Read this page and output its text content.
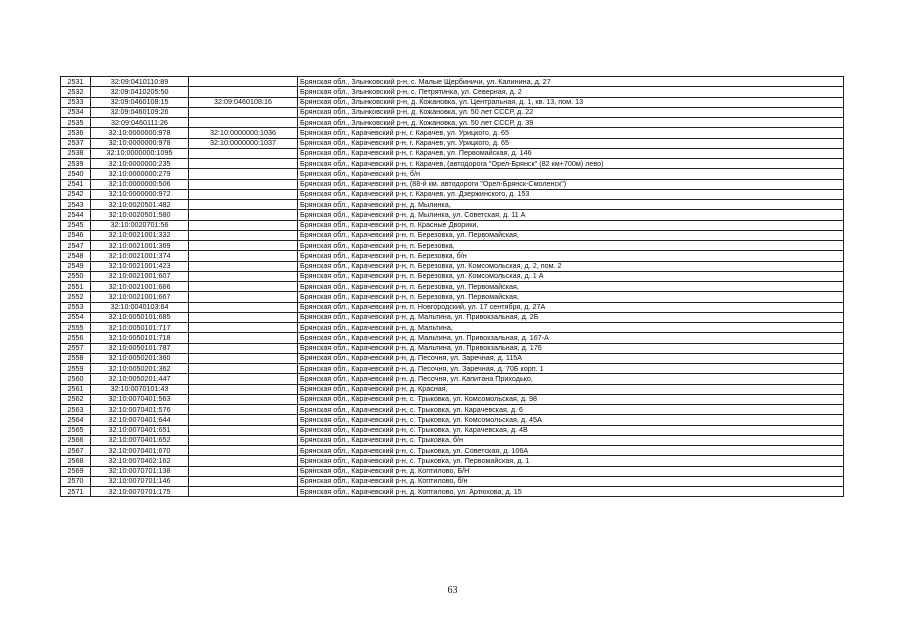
2531	32:09:0410110:89		Брянская обл., Злынковский р-н, с. Малые Щербиничи, ул. Калинина, д. 27
2532	32:09:0410205:50		Брянская обл., Злынковский р-н, с. Петрятинка, ул. Северная, д. 2
2533	32:09:0460108:15	32:09:0460108:16	Брянская обл., Злынковский р-н, д. Кожановка, ул. Центральная, д. 1, кв. 13, пом. 13
2534	32:09:0460109:26		Брянская обл., Злынковский р-н, д. Кожановка, ул. 50 лет СССР, д. 22
2535	32:09:0460111:26		Брянская обл., Злынковский р-н, д. Кожановка, ул. 50 лет СССР, д. 39
2536	32:10:0000000:978	32:10:0000000:1036	Брянская обл., Карачевский р-н, г. Карачев, ул. Урицкого, д. 65
2537	32:10:0000000:978	32:10:0000000:1037	Брянская обл., Карачевский р-н, г. Карачев, ул. Урицкого, д. 65
2538	32:10:0000000:1095		Брянская обл., Карачевский р-н, г. Карачев, ул. Первомайская, д. 146
2539	32:10:0000000:235		Брянская обл., Карачевский р-н, г. Карачев, (автодорога "Орел-Брянск" (82 км+700м) лево)
2540	32:10:0000000:279		Брянская обл., Карачевский р-н, б/н
2541	32:10:0000000:506		Брянская обл., Карачевский р-н, (88-й км. автодороги "Орел-Брянск-Смоленск")
2542	32:10:0000000:972		Брянская обл., Карачевский р-н, г. Карачев, ул. Дзержинского, д. 153
2543	32:10:0020501:482		Брянская обл., Карачевский р-н, д. Мылинка,
2544	32:10:0020501:580		Брянская обл., Карачевский р-н, д. Мылинка, ул. Советская, д. 11 А
2545	32:10:0020701:56		Брянская обл., Карачевский р-н, п. Красные Дворики,
2546	32:10:0021001:332		Брянская обл., Карачевский р-н, п. Березовка, ул. Первомайская,
2547	32:10:0021001:369		Брянская обл., Карачевский р-н, п. Березовка,
2548	32:10:0021001:374		Брянская обл., Карачевский р-н, п. Березовка, б/н
2549	32:10:0021001:423		Брянская обл., Карачевский р-н, п. Березовка, ул. Комсомольская, д. 2, пом. 2
2550	32:10:0021001:607		Брянская обл., Карачевский р-н, п. Березовка, ул. Комсомольская, д. 1 А
2551	32:10:0021001:666		Брянская обл., Карачевский р-н, п. Березовка, ул. Первомайская,
2552	32:10:0021001:667		Брянская обл., Карачевский р-н, п. Березовка, ул. Первомайская,
2553	32:10:0040103:64		Брянская обл., Карачевский р-н, п. Новгородский, ул. 17 сентября, д. 27А
2554	32:10:0050101:685		Брянская обл., Карачевский р-н, д. Мальтина, ул. Привокзальная, д. 2Б
2555	32:10:0050101:717		Брянская обл., Карачевский р-н, д. Мальтина,
2556	32:10:0050101:718		Брянская обл., Карачевский р-н, д. Мальтина, ул. Привокзальная, д. 167-А
2557	32:10:0050101:787		Брянская обл., Карачевский р-н, д. Мальтина, ул. Привокзальная, д. 176
2558	32:10:0050201:360		Брянская обл., Карачевский р-н, д. Песочня, ул. Заречная, д. 115А
2559	32:10:0050201:362		Брянская обл., Карачевский р-н, д. Песочня, ул. Заречная, д. 70Б корп. 1
2560	32:10:0050201:447		Брянская обл., Карачевский р-н, д. Песочня, ул. Капитана Приходько,
2561	32:10:0070101:43		Брянская обл., Карачевский р-н, д. Красная,
2562	32:10:0070401:563		Брянская обл., Карачевский р-н, с. Трыковка, ул. Комсомольская, д. 98
2563	32:10:0070401:576		Брянская обл., Карачевский р-н, с. Трыковка, ул. Карачевская, д. 6
2564	32:10:0070401:644		Брянская обл., Карачевский р-н, с. Трыковка, ул. Комсомольская, д. 45А
2565	32:10:0070401:651		Брянская обл., Карачевский р-н, с. Трыковка, ул. Карачевская, д. 4В
2566	32:10:0070401:652		Брянская обл., Карачевский р-н, с. Трыковка, б/н
2567	32:10:0070401:670		Брянская обл., Карачевский р-н, с. Трыковка, ул. Советская, д. 106А
2568	32:10:0070402:162		Брянская обл., Карачевский р-н, с. Трыковка, ул. Первомайская, д. 1
2569	32:10:0070701:138		Брянская обл., Карачевский р-н, д. Коптилово, Б/Н
2570	32:10:0070701:146		Брянская обл., Карачевский р-н, д. Коптилово, б/н
2571	32:10:0070701:175		Брянская обл., Карачевский р-н, д. Коптилово, ул. Артюхова, д. 15
63
